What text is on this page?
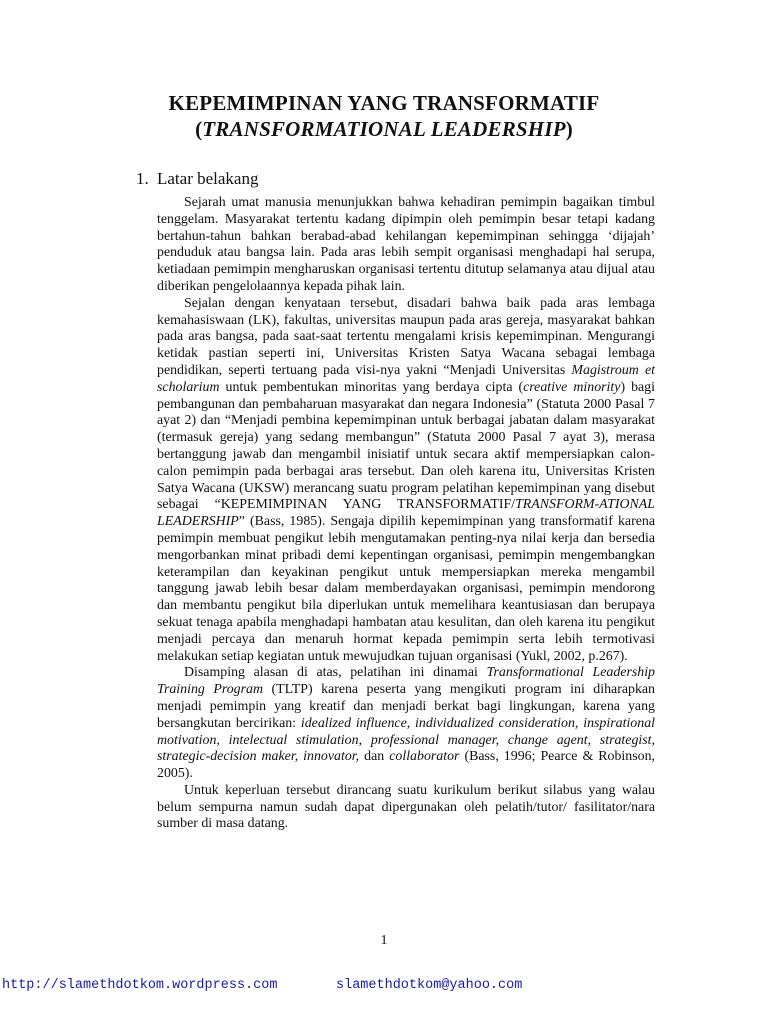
KEPEMIMPINAN YANG TRANSFORMATIF
(TRANSFORMATIONAL LEADERSHIP)
1. Latar belakang

Sejarah umat manusia menunjukkan bahwa kehadiran pemimpin bagaikan timbul tenggelam. Masyarakat tertentu kadang dipimpin oleh pemimpin besar tetapi kadang bertahun-tahun bahkan berabad-abad kehilangan kepemimpinan sehingga ‘dijajah’ penduduk atau bangsa lain. Pada aras lebih sempit organisasi menghadapi hal serupa, ketiadaan pemimpin mengharuskan organisasi tertentu ditutup selamanya atau dijual atau diberikan pengelolaannya kepada pihak lain.

Sejalan dengan kenyataan tersebut, disadari bahwa baik pada aras lembaga kemahasiswaan (LK), fakultas, universitas maupun pada aras gereja, masyarakat bahkan pada aras bangsa, pada saat-saat tertentu mengalami krisis kepemimpinan. Mengurangi ketidak pastian seperti ini, Universitas Kristen Satya Wacana sebagai lembaga pendidikan, seperti tertuang pada visi-nya yakni “Menjadi Universitas Magistroum et scholarium untuk pembentukan minoritas yang berdaya cipta (creative minority) bagi pembangunan dan pembaharuan masyarakat dan negara Indonesia” (Statuta 2000 Pasal 7 ayat 2) dan “Menjadi pembina kepemimpinan untuk berbagai jabatan dalam masyarakat (termasuk gereja) yang sedang membangun” (Statuta 2000 Pasal 7 ayat 3), merasa bertanggung jawab dan mengambil inisiatif untuk secara aktif mempersiapkan calon-calon pemimpin pada berbagai aras tersebut. Dan oleh karena itu, Universitas Kristen Satya Wacana (UKSW) merancang suatu program pelatihan kepemimpinan yang disebut sebagai “KEPEMIMPINAN YANG TRANSFORMATIF/TRANSFORM-ATIONAL LEADERSHIP” (Bass, 1985). Sengaja dipilih kepemimpinan yang transformatif karena pemimpin membuat pengikut lebih mengutamakan penting-nya nilai kerja dan bersedia mengorbankan minat pribadi demi kepentingan organisasi, pemimpin mengembangkan keterampilan dan keyakinan pengikut untuk mempersiapkan mereka mengambil tanggung jawab lebih besar dalam memberdayakan organisasi, pemimpin mendorong dan membantu pengikut bila diperlukan untuk memelihara keantusiasan dan berupaya sekuat tenaga apabila menghadapi hambatan atau kesulitan, dan oleh karena itu pengikut menjadi percaya dan menaruh hormat kepada pemimpin serta lebih termotivasi melakukan setiap kegiatan untuk mewujudkan tujuan organisasi (Yukl, 2002, p.267).

Disamping alasan di atas, pelatihan ini dinamai Transformational Leadership Training Program (TLTP) karena peserta yang mengikuti program ini diharapkan menjadi pemimpin yang kreatif dan menjadi berkat bagi lingkungan, karena yang bersangkutan bercirikan: idealized influence, individualized consideration, inspirational motivation, intelectual stimulation, professional manager, change agent, strategist, strategic-decision maker, innovator, dan collaborator (Bass, 1996; Pearce & Robinson, 2005).

Untuk keperluan tersebut dirancang suatu kurikulum berikut silabus yang walau belum sempurna namun sudah dapat dipergunakan oleh pelatih/tutor/ fasilitator/nara sumber di masa datang.

1
http://slamethdotkom.wordpress.com	slamethdotkom@yahoo.com
